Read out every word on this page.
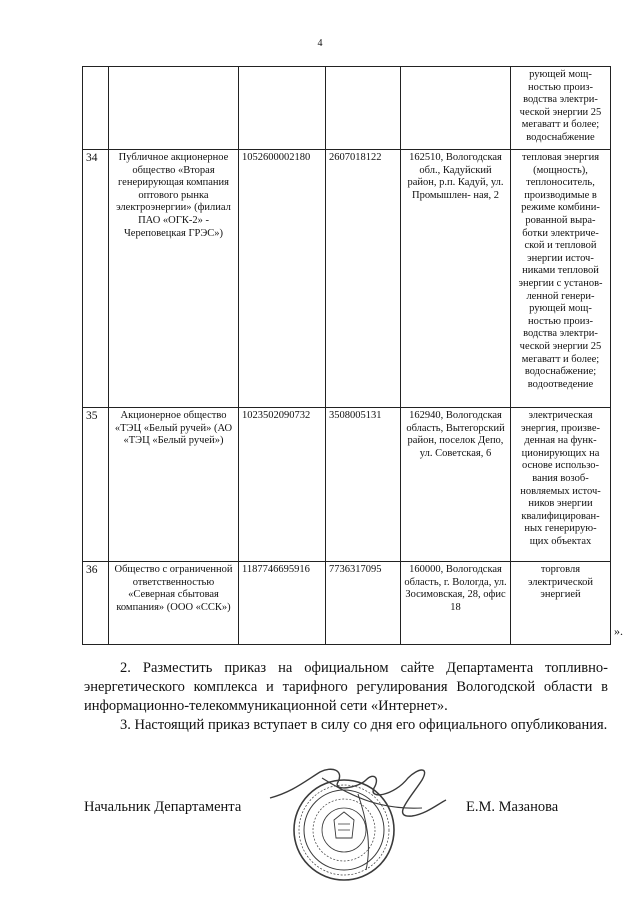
4
					рующей мощ- ностью произ- водства электри- ческой энергии 25 мегаватт и более; водоснабжение
34	Публичное акционерное общество «Вторая генерирующая компания оптового рынка электроэнергии» (филиал ПАО «ОГК-2» - Череповецкая ГРЭС»)	1052600002180	2607018122	162510, Вологодская обл., Кадуйский район, р.п. Кадуй, ул. Промышлен- ная, 2	тепловая энергия (мощность), теплоноситель, производимые в режиме комбини- рованной выра- ботки электриче- ской и тепловой энергии источ- никами тепловой энергии с установ- ленной генери- рующей мощ- ностью произ- водства электри- ческой энергии 25 мегаватт и более; водоснабжение; водоотведение
35	Акционерное общество «ТЭЦ «Белый ручей» (АО «ТЭЦ «Белый ручей»)	1023502090732	3508005131	162940, Вологодская область, Вытегорский район, поселок Депо, ул. Советская, 6	электрическая энергия, произве- денная на функ- ционирующих на основе использо- вания возоб- новляемых источ- ников энергии квалифицирован- ных генерирую- щих объектах
36	Общество с ограниченной ответственностью «Северная сбытовая компания» (ООО «ССК»)	1187746695916	7736317095	160000, Вологодская область, г. Вологда, ул. Зосимовская, 28, офис 18	торговля электрической энергией
».
2. Разместить приказ на официальном сайте Департамента топливно-энергетического комплекса и тарифного регулирования Вологодской области в информационно-телекоммуникационной сети «Интернет».
3. Настоящий приказ вступает в силу со дня его официального опубликования.
Начальник Департамента	Е.М. Мазанова
